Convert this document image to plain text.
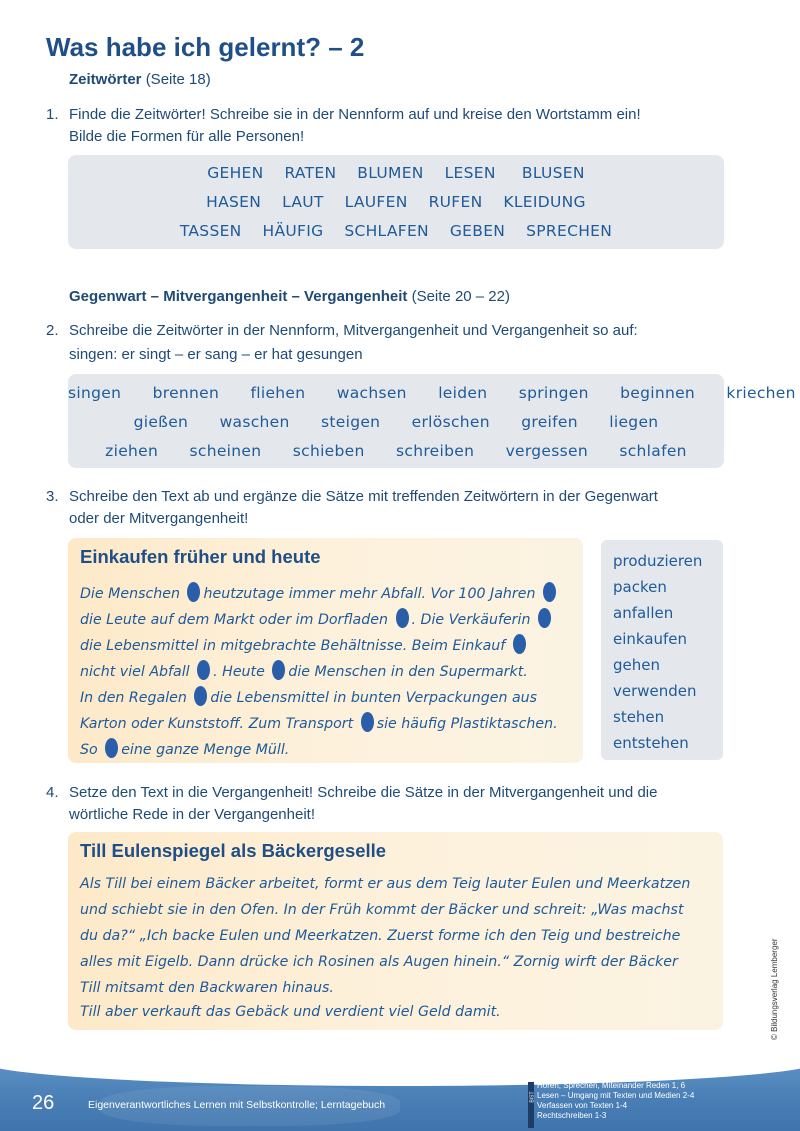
Was habe ich gelernt? – 2
Zeitwörter (Seite 18)
1. Finde die Zeitwörter! Schreibe sie in der Nennform auf und kreise den Wortstamm ein!
Bilde die Formen für alle Personen!
GEHEN RATEN BLUMEN LESEN BLUSEN
HASEN LAUT LAUFEN RUFEN KLEIDUNG
TASSEN HÄUFIG SCHLAFEN GEBEN SPRECHEN
Gegenwart – Mitvergangenheit – Vergangenheit (Seite 20 – 22)
2. Schreibe die Zeitwörter in der Nennform, Mitvergangenheit und Vergangenheit so auf:
singen: er singt – er sang – er hat gesungen
singen brennen fliehen wachsen leiden springen beginnen kriechen
gießen waschen steigen erlöschen greifen liegen
ziehen scheinen schieben schreiben vergessen schlafen
3. Schreibe den Text ab und ergänze die Sätze mit treffenden Zeitwörtern in der Gegenwart
oder der Mitvergangenheit!
Einkaufen früher und heute
Die Menschen heutzutage immer mehr Abfall. Vor 100 Jahren
die Leute auf dem Markt oder im Dorfladen . Die Verkäuferin
die Lebensmittel in mitgebrachte Behältnisse. Beim Einkauf
nicht viel Abfall . Heute die Menschen in den Supermarkt.
In den Regalen die Lebensmittel in bunten Verpackungen aus
Karton oder Kunststoff. Zum Transport sie häufig Plastiktaschen.
So eine ganze Menge Müll.
produzieren
packen
anfallen
einkaufen
gehen
verwenden
stehen
entstehen
4. Setze den Text in die Vergangenheit! Schreibe die Sätze in der Mitvergangenheit und die
wörtliche Rede in der Vergangenheit!
Till Eulenspiegel als Bäckergeselle
Als Till bei einem Bäcker arbeitet, formt er aus dem Teig lauter Eulen und Meerkatzen
und schiebt sie in den Ofen. In der Früh kommt der Bäcker und schreit: „Was machst
du da?“ „Ich backe Eulen und Meerkatzen. Zuerst forme ich den Teig und bestreiche
alles mit Eigelb. Dann drücke ich Rosinen als Augen hinein.“ Zornig wirft der Bäcker
Till mitsamt den Backwaren hinaus.
Till aber verkauft das Gebäck und verdient viel Geld damit.	© Bildungsverlag Lemberger
26	Eigenverantwortliches Lernen mit Selbstkontrolle; Lerntagebuch
BIST
Hören, Sprechen, Miteinander Reden 1, 6
Lesen – Umgang mit Texten und Medien 2-4
Verfassen von Texten 1-4
Rechtschreiben 1-3
